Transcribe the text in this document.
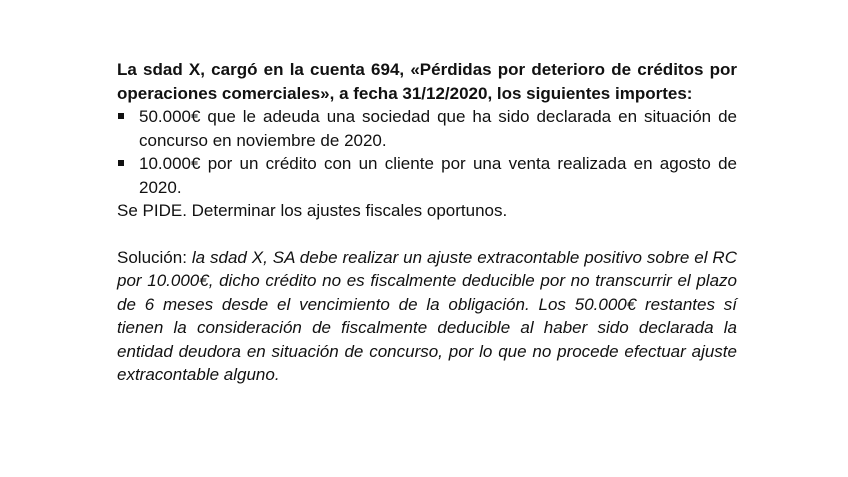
La sdad X, cargó en la cuenta 694, «Pérdidas por deterioro de créditos por operaciones comerciales», a fecha 31/12/2020, los siguientes importes:

50.000€ que le adeuda una sociedad que ha sido declarada en situación de concurso en noviembre de 2020.
10.000€ por un crédito con un cliente por una venta realizada en agosto de 2020.

Se PIDE. Determinar los ajustes fiscales oportunos.

Solución: la sdad X, SA debe realizar un ajuste extracontable positivo sobre el RC por 10.000€, dicho crédito no es fiscalmente deducible por no transcurrir el plazo de 6 meses desde el vencimiento de la obligación. Los 50.000€ restantes sí tienen la consideración de fiscalmente deducible al haber sido declarada la entidad deudora en situación de concurso, por lo que no procede efectuar ajuste extracontable alguno.
